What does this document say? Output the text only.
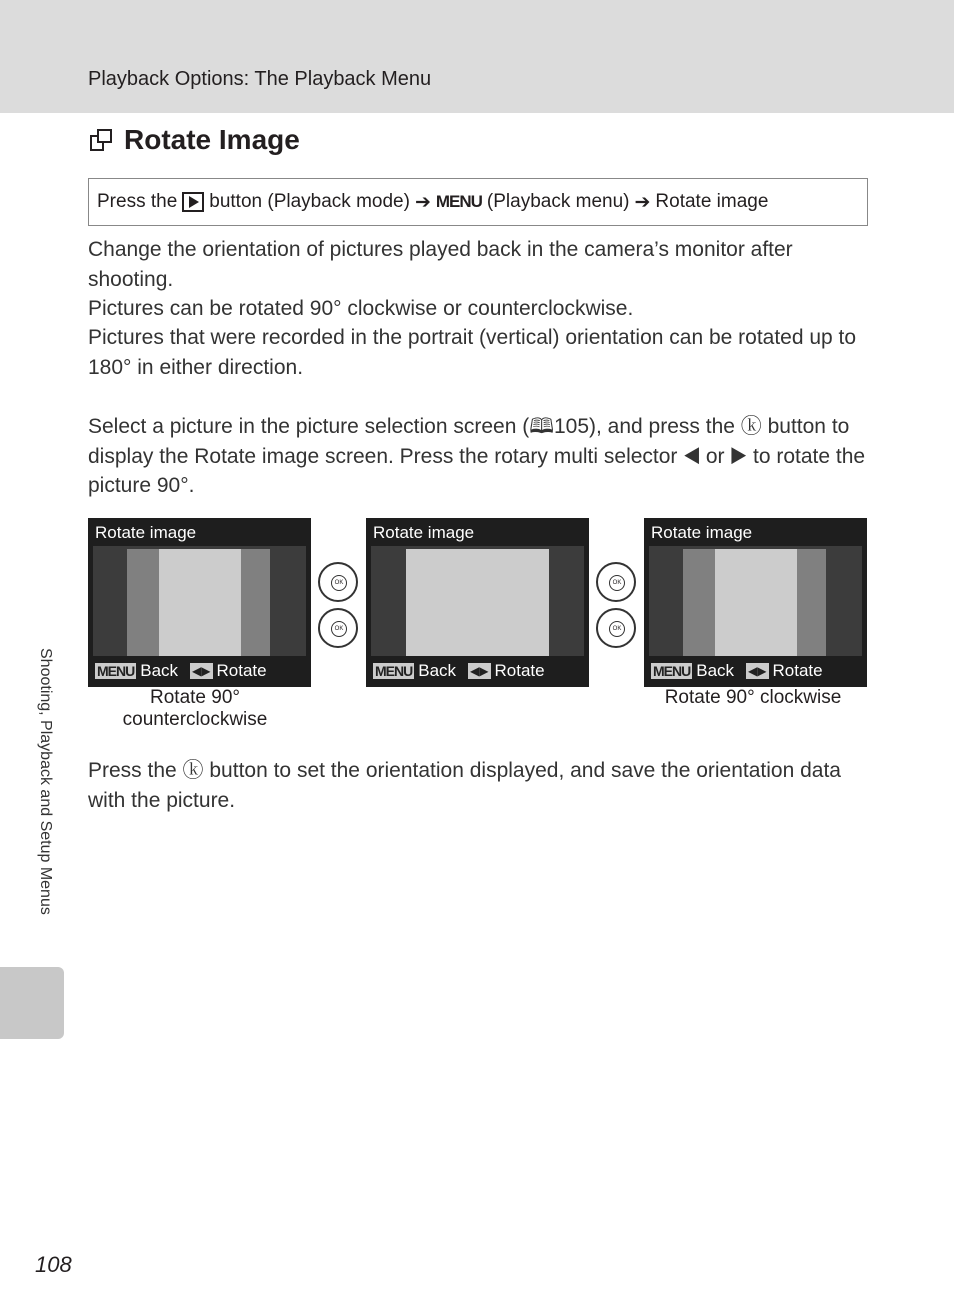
Playback Options: The Playback Menu
Rotate Image
Press the button (Playback mode) ➔ MENU (Playback menu) ➔ Rotate image

Change the orientation of pictures played back in the camera’s monitor after shooting.

Pictures can be rotated 90° clockwise or counterclockwise.

Pictures that were recorded in the portrait (vertical) orientation can be rotated up to 180° in either direction.

Select a picture in the picture selection screen (🕮105), and press the ⓚ button to display the Rotate image screen. Press the rotary multi selector ◀ or ▶ to rotate the picture 90°.

Rotate image
MENU Back ◀▶ Rotate
OK
OK
Rotate image
MENU Back ◀▶ Rotate
OK
OK
Rotate image
MENU Back ◀▶ Rotate
Rotate 90° counterclockwise
Rotate 90° clockwise

Press the ⓚ button to set the orientation displayed, and save the orientation data with the picture.

Shooting, Playback and Setup Menus
108
